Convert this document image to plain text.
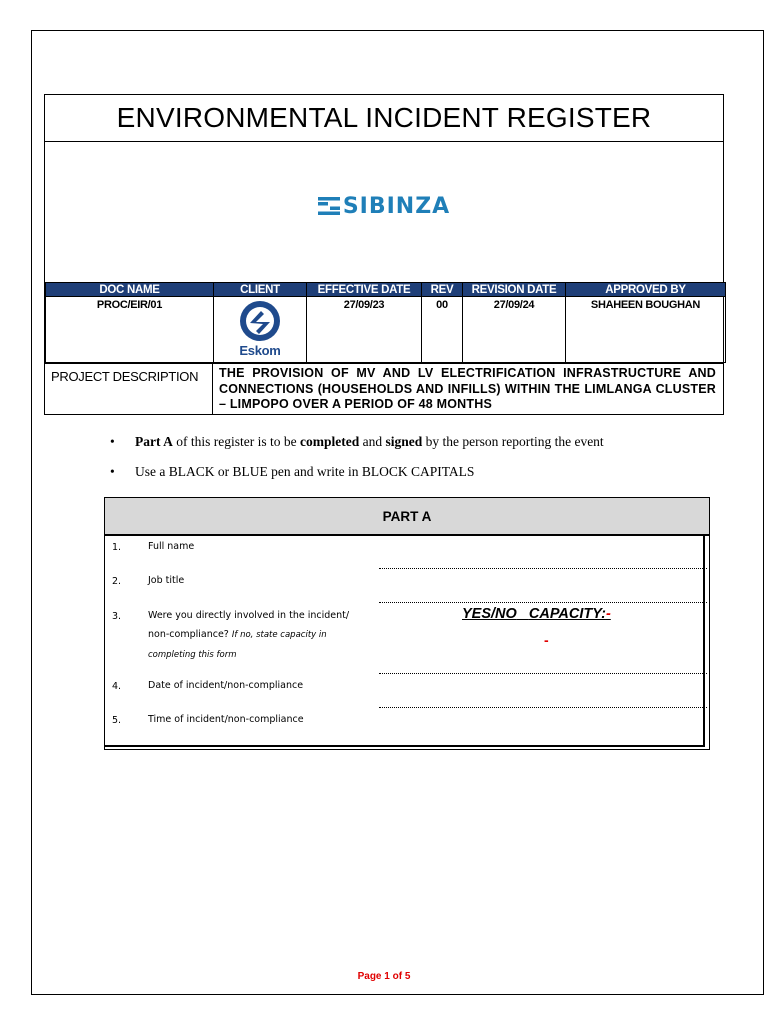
ENVIRONMENTAL INCIDENT REGISTER
SIBINZA
DOC NAME	CLIENT	EFFECTIVE DATE	REV	REVISION DATE	APPROVED BY
PROC/EIR/01	Eskom	27/09/23	00	27/09/24	SHAHEEN BOUGHAN
PROJECT DESCRIPTION	THE PROVISION OF MV AND LV ELECTRIFICATION INFRASTRUCTURE AND CONNECTIONS (HOUSEHOLDS AND INFILLS) WITHIN THE LIMLANGA CLUSTER – LIMPOPO OVER A PERIOD OF 48 MONTHS
• Part A of this register is to be completed and signed by the person reporting the event
• Use a BLACK or BLUE pen and write in BLOCK CAPITALS
PART A
1.	Full name
2.	Job title
3.	Were you directly involved in the incident/
non-compliance? If no, state capacity in
completing this form
YES/NO CAPACITY:-
-
4.	Date of incident/non-compliance
5.	Time of incident/non-compliance
Page 1 of 5
